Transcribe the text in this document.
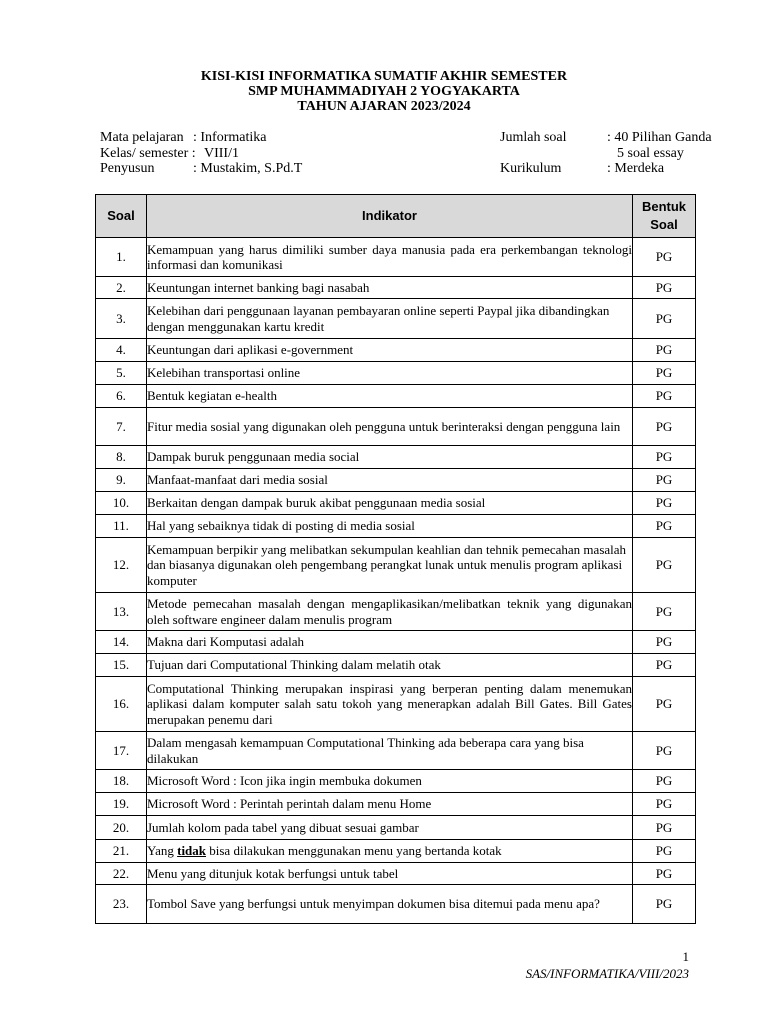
KISI-KISI INFORMATIKA SUMATIF AKHIR SEMESTER
SMP MUHAMMADIYAH 2 YOGYAKARTA
TAHUN AJARAN 2023/2024
Mata pelajaran : Informatika
Kelas/ semester : VIII/1
Penyusun	: Mustakim, S.Pd.T
Jumlah soal	: 40 Pilihan Ganda
5 soal essay
Kurikulum	: Merdeka
Soal	Indikator	Bentuk
Soal
1.	Kemampuan yang harus dimiliki sumber daya manusia pada era perkembangan teknologi informasi dan komunikasi	PG
2.	Keuntungan internet banking bagi nasabah	PG
3.	Kelebihan dari penggunaan layanan pembayaran online seperti Paypal jika dibandingkan dengan menggunakan kartu kredit	PG
4.	Keuntungan dari aplikasi e-government	PG
5.	Kelebihan transportasi online	PG
6.	Bentuk kegiatan e-health	PG
7.	Fitur media sosial yang digunakan oleh pengguna untuk berinteraksi dengan pengguna lain	PG
8.	Dampak buruk penggunaan media social	PG
9.	Manfaat-manfaat dari media sosial	PG
10.	Berkaitan dengan dampak buruk akibat penggunaan media sosial	PG
11.	Hal yang sebaiknya tidak di posting di media sosial	PG
12.	Kemampuan berpikir yang melibatkan sekumpulan keahlian dan tehnik pemecahan masalah dan biasanya digunakan oleh pengembang perangkat lunak untuk menulis program aplikasi komputer	PG
13.	Metode pemecahan masalah dengan mengaplikasikan/melibatkan teknik yang digunakan oleh software engineer dalam menulis program	PG
14.	Makna dari Komputasi adalah	PG
15.	Tujuan dari Computational Thinking dalam melatih otak	PG
16.	Computational Thinking merupakan inspirasi yang berperan penting dalam menemukan aplikasi dalam komputer salah satu tokoh yang menerapkan adalah Bill Gates. Bill Gates merupakan penemu dari	PG
17.	Dalam mengasah kemampuan Computational Thinking ada beberapa cara yang bisa dilakukan	PG
18.	Microsoft Word : Icon jika ingin membuka dokumen	PG
19.	Microsoft Word : Perintah perintah dalam menu Home	PG
20.	Jumlah kolom pada tabel yang dibuat sesuai gambar	PG
21.	Yang tidak bisa dilakukan menggunakan menu yang bertanda kotak	PG
22.	Menu yang ditunjuk kotak berfungsi untuk tabel	PG
23.	Tombol Save yang berfungsi untuk menyimpan dokumen bisa ditemui pada menu apa?	PG
1
SAS/INFORMATIKA/VIII/2023
